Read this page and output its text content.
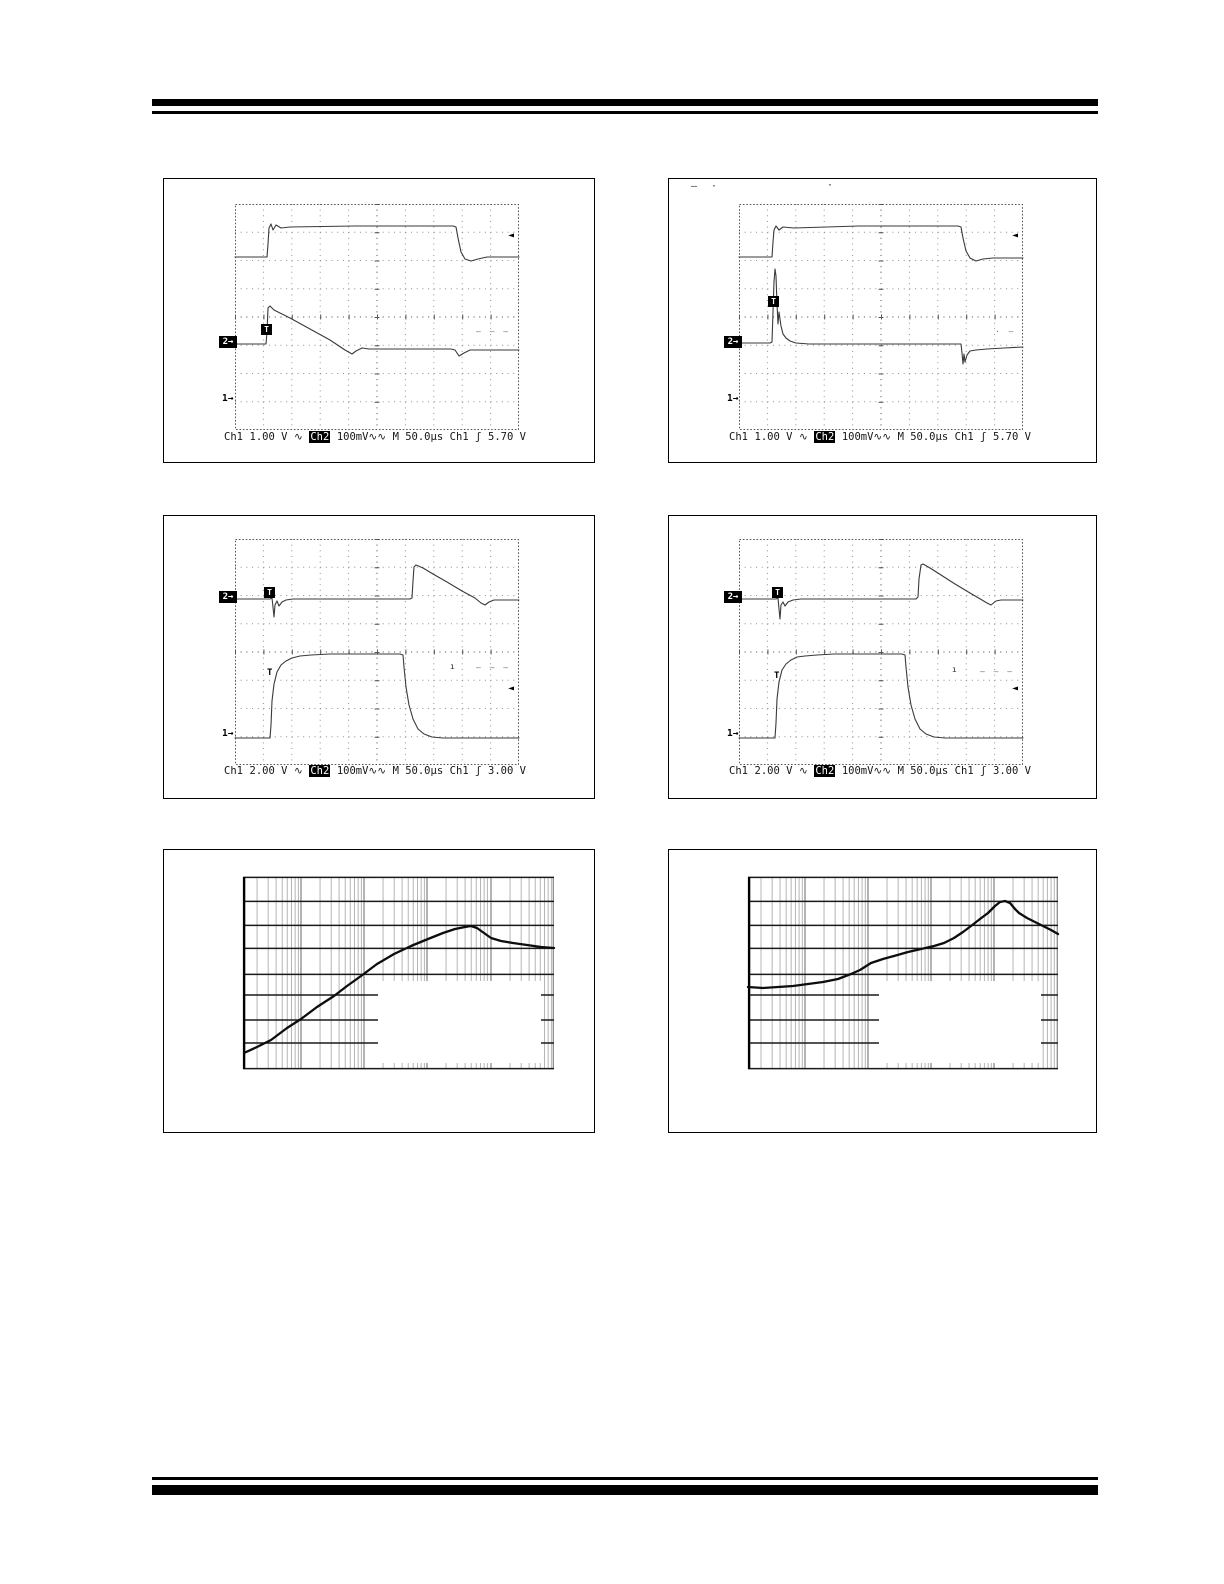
2→
1→
T
◄
– – –
Ch1 1.00 V ∿ Ch2 100mV∿∿ M 50.0µs Ch1 ʃ 5.70 V
– ·	·
2→
1→
T
◄
· –
Ch1 1.00 V ∿ Ch2 100mV∿∿ M 50.0µs Ch1 ʃ 5.70 V
2→
1→
T
T
◄
ı	– – –
Ch1 2.00 V ∿ Ch2 100mV∿∿ M 50.0µs Ch1 ʃ 3.00 V
2→
1→
T
T
◄
ı	– – –
Ch1 2.00 V ∿ Ch2 100mV∿∿ M 50.0µs Ch1 ʃ 3.00 V
